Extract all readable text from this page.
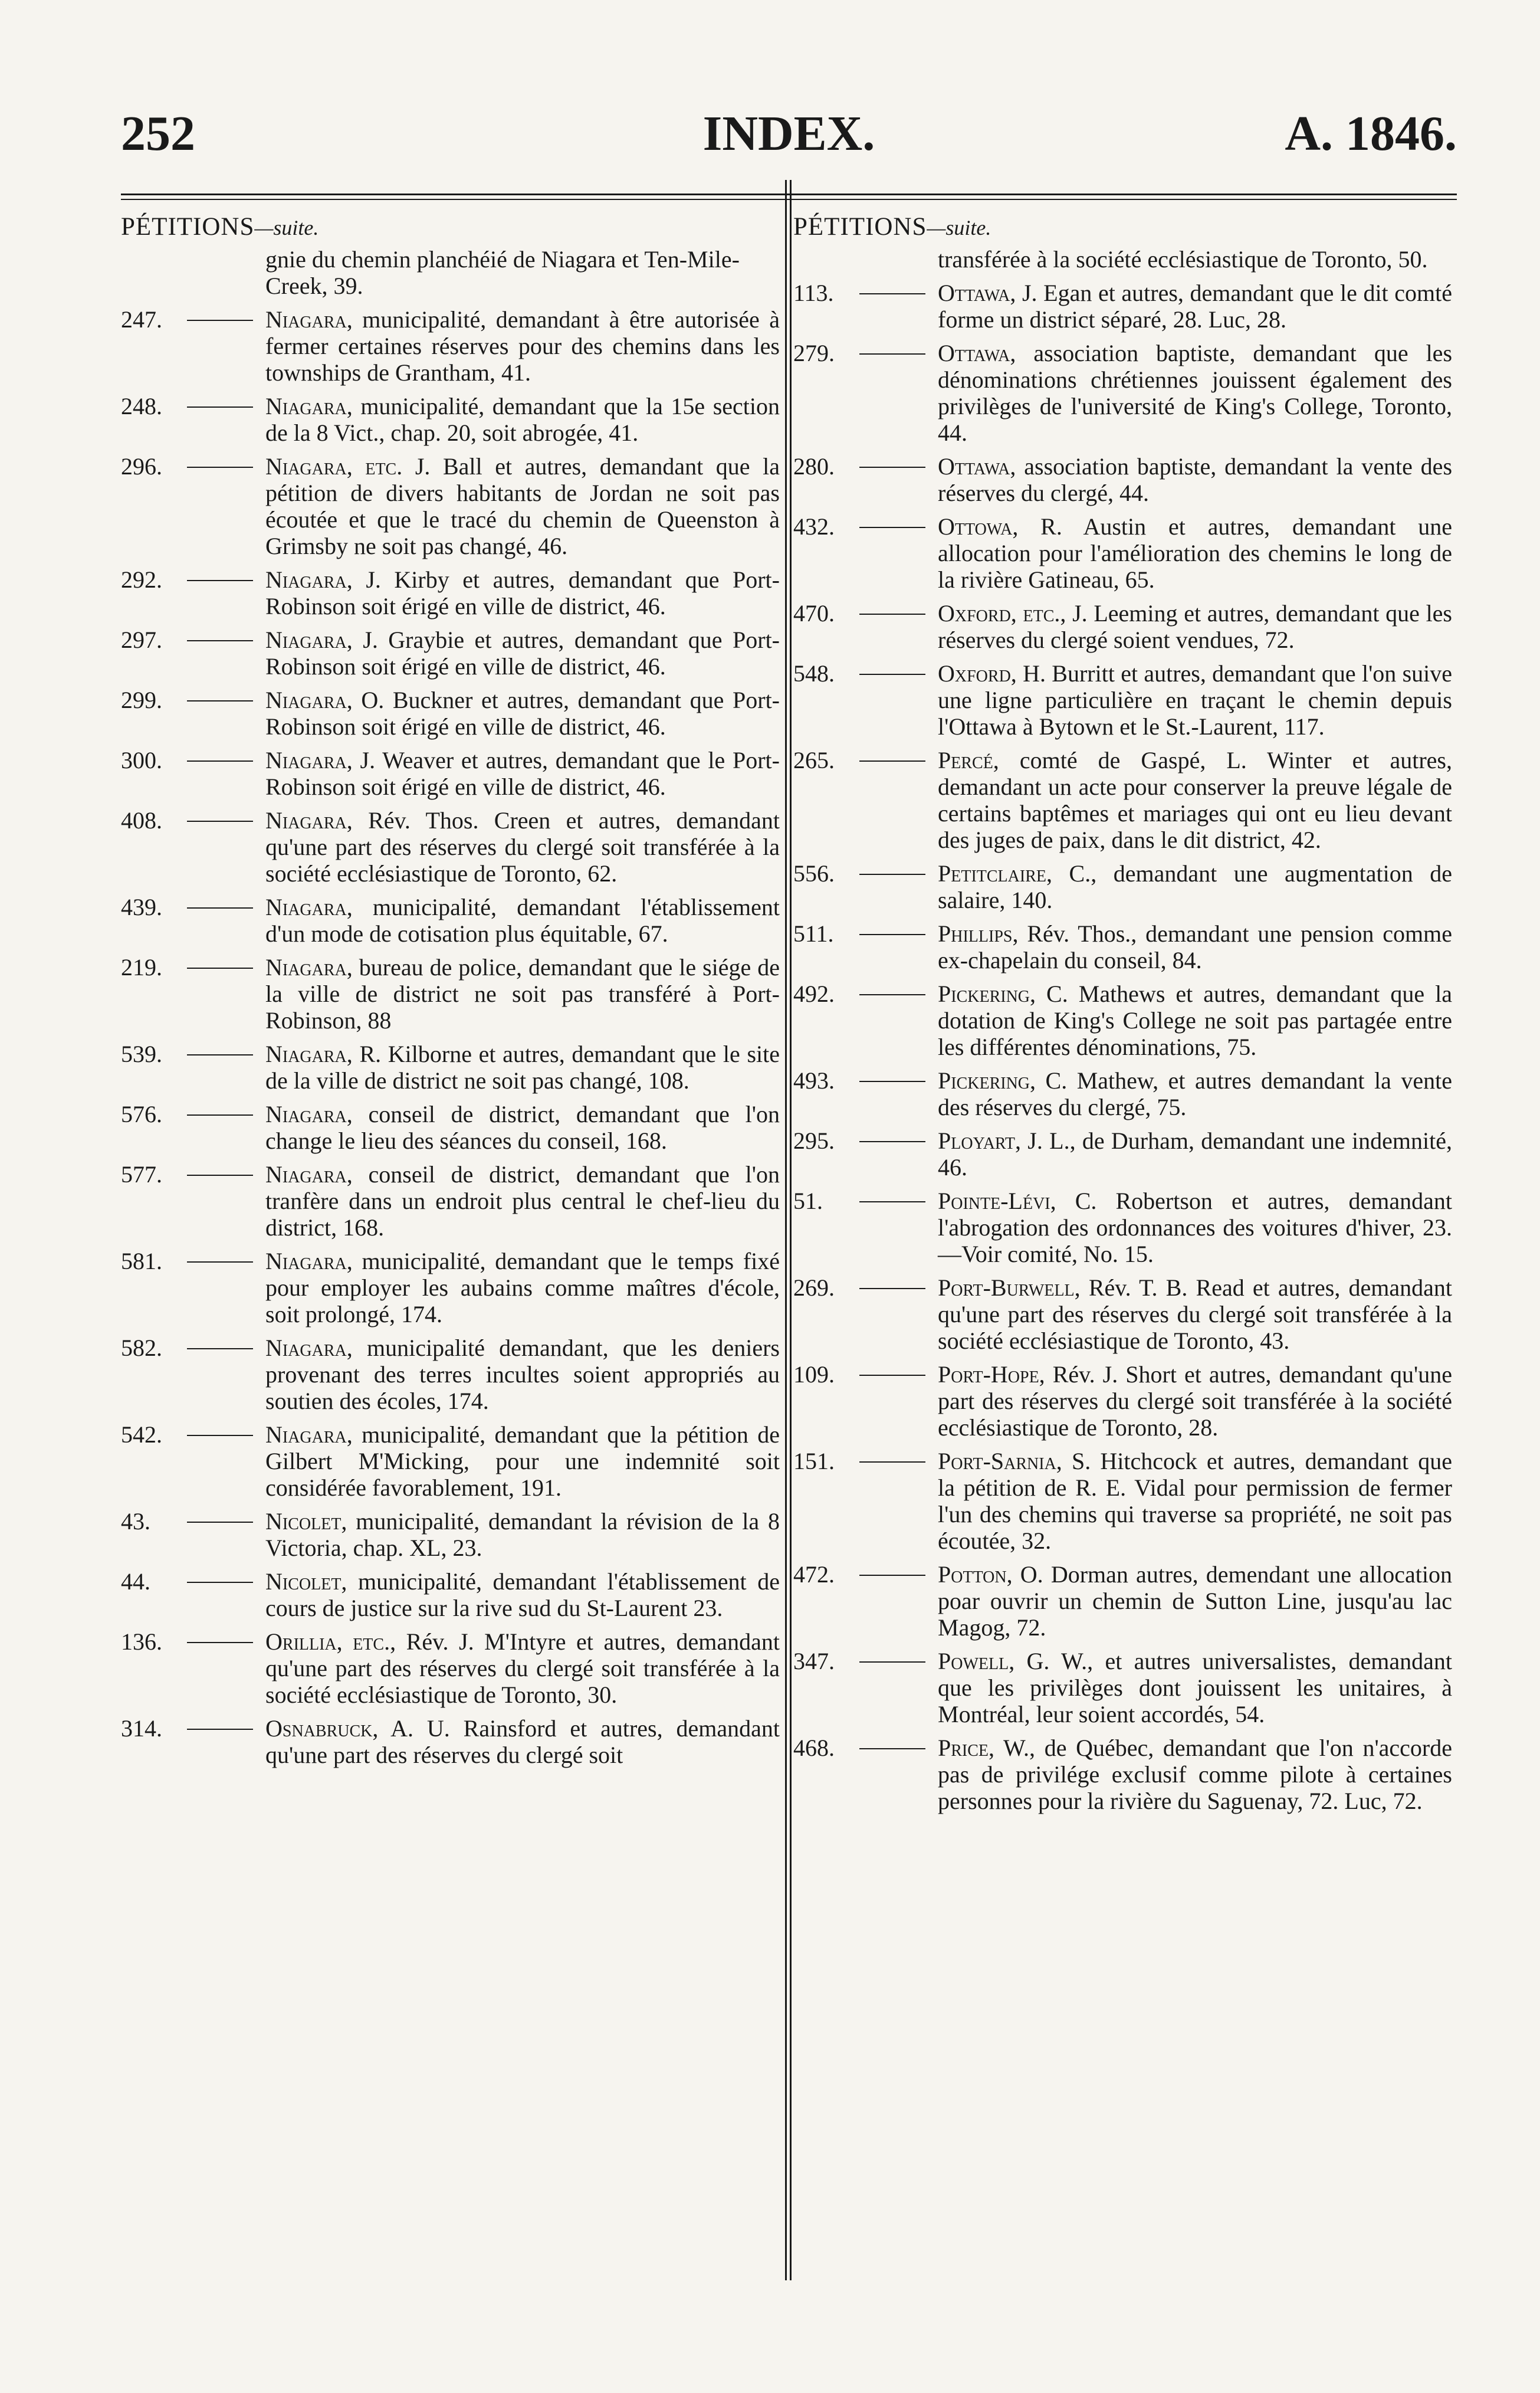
INDEX.
252	A. 1846.
PÉTITIONS—suite.
gnie du chemin planchéié de Niagara et Ten-Mile-Creek, 39.
247.	Niagara, municipalité, demandant à être autorisée à fermer certaines réserves pour des chemins dans les townships de Grantham, 41.
248.	Niagara, municipalité, demandant que la 15e section de la 8 Vict., chap. 20, soit abrogée, 41.
296.	Niagara, etc. J. Ball et autres, demandant que la pétition de divers habitants de Jordan ne soit pas écoutée et que le tracé du chemin de Queenston à Grimsby ne soit pas changé, 46.
292.	Niagara, J. Kirby et autres, demandant que Port-Robinson soit érigé en ville de district, 46.
297.	Niagara, J. Graybie et autres, demandant que Port-Robinson soit érigé en ville de district, 46.
299.	Niagara, O. Buckner et autres, demandant que Port-Robinson soit érigé en ville de district, 46.
300.	Niagara, J. Weaver et autres, demandant que le Port-Robinson soit érigé en ville de district, 46.
408.	Niagara, Rév. Thos. Creen et autres, demandant qu'une part des réserves du clergé soit transférée à la société ecclésiastique de Toronto, 62.
439.	Niagara, municipalité, demandant l'établissement d'un mode de cotisation plus équitable, 67.
219.	Niagara, bureau de police, demandant que le siége de la ville de district ne soit pas transféré à Port-Robinson, 88
539.	Niagara, R. Kilborne et autres, demandant que le site de la ville de district ne soit pas changé, 108.
576.	Niagara, conseil de district, demandant que l'on change le lieu des séances du conseil, 168.
577.	Niagara, conseil de district, demandant que l'on tranfère dans un endroit plus central le chef-lieu du district, 168.
581.	Niagara, municipalité, demandant que le temps fixé pour employer les aubains comme maîtres d'école, soit prolongé, 174.
582.	Niagara, municipalité demandant, que les deniers provenant des terres incultes soient appropriés au soutien des écoles, 174.
542.	Niagara, municipalité, demandant que la pétition de Gilbert M'Micking, pour une indemnité soit considérée favorablement, 191.
43.	Nicolet, municipalité, demandant la révision de la 8 Victoria, chap. XL, 23.
44.	Nicolet, municipalité, demandant l'établissement de cours de justice sur la rive sud du St-Laurent 23.
136.	Orillia, etc., Rév. J. M'Intyre et autres, demandant qu'une part des réserves du clergé soit transférée à la société ecclésiastique de Toronto, 30.
314.	Osnabruck, A. U. Rainsford et autres, demandant qu'une part des réserves du clergé soit
PÉTITIONS—suite.
transférée à la société ecclésiastique de Toronto, 50.
113.	Ottawa, J. Egan et autres, demandant que le dit comté forme un district séparé, 28. Luc, 28.
279.	Ottawa, association baptiste, demandant que les dénominations chrétiennes jouissent également des privilèges de l'université de King's College, Toronto, 44.
280.	Ottawa, association baptiste, demandant la vente des réserves du clergé, 44.
432.	Ottowa, R. Austin et autres, demandant une allocation pour l'amélioration des chemins le long de la rivière Gatineau, 65.
470.	Oxford, etc., J. Leeming et autres, demandant que les réserves du clergé soient vendues, 72.
548.	Oxford, H. Burritt et autres, demandant que l'on suive une ligne particulière en traçant le chemin depuis l'Ottawa à Bytown et le St.-Laurent, 117.
265.	Percé, comté de Gaspé, L. Winter et autres, demandant un acte pour conserver la preuve légale de certains baptêmes et mariages qui ont eu lieu devant des juges de paix, dans le dit district, 42.
556.	Petitclaire, C., demandant une augmentation de salaire, 140.
511.	Phillips, Rév. Thos., demandant une pension comme ex-chapelain du conseil, 84.
492.	Pickering, C. Mathews et autres, demandant que la dotation de King's College ne soit pas partagée entre les différentes dénominations, 75.
493.	Pickering, C. Mathew, et autres demandant la vente des réserves du clergé, 75.
295.	Ployart, J. L., de Durham, demandant une indemnité, 46.
51.	Pointe-Lévi, C. Robertson et autres, demandant l'abrogation des ordonnances des voitures d'hiver, 23.—Voir comité, No. 15.
269.	Port-Burwell, Rév. T. B. Read et autres, demandant qu'une part des réserves du clergé soit transférée à la société ecclésiastique de Toronto, 43.
109.	Port-Hope, Rév. J. Short et autres, demandant qu'une part des réserves du clergé soit transférée à la société ecclésiastique de Toronto, 28.
151.	Port-Sarnia, S. Hitchcock et autres, demandant que la pétition de R. E. Vidal pour permission de fermer l'un des chemins qui traverse sa propriété, ne soit pas écoutée, 32.
472.	Potton, O. Dorman autres, demendant une allocation poar ouvrir un chemin de Sutton Line, jusqu'au lac Magog, 72.
347.	Powell, G. W., et autres universalistes, demandant que les privilèges dont jouissent les unitaires, à Montréal, leur soient accordés, 54.
468.	Price, W., de Québec, demandant que l'on n'accorde pas de privilége exclusif comme pilote à certaines personnes pour la rivière du Saguenay, 72. Luc, 72.
